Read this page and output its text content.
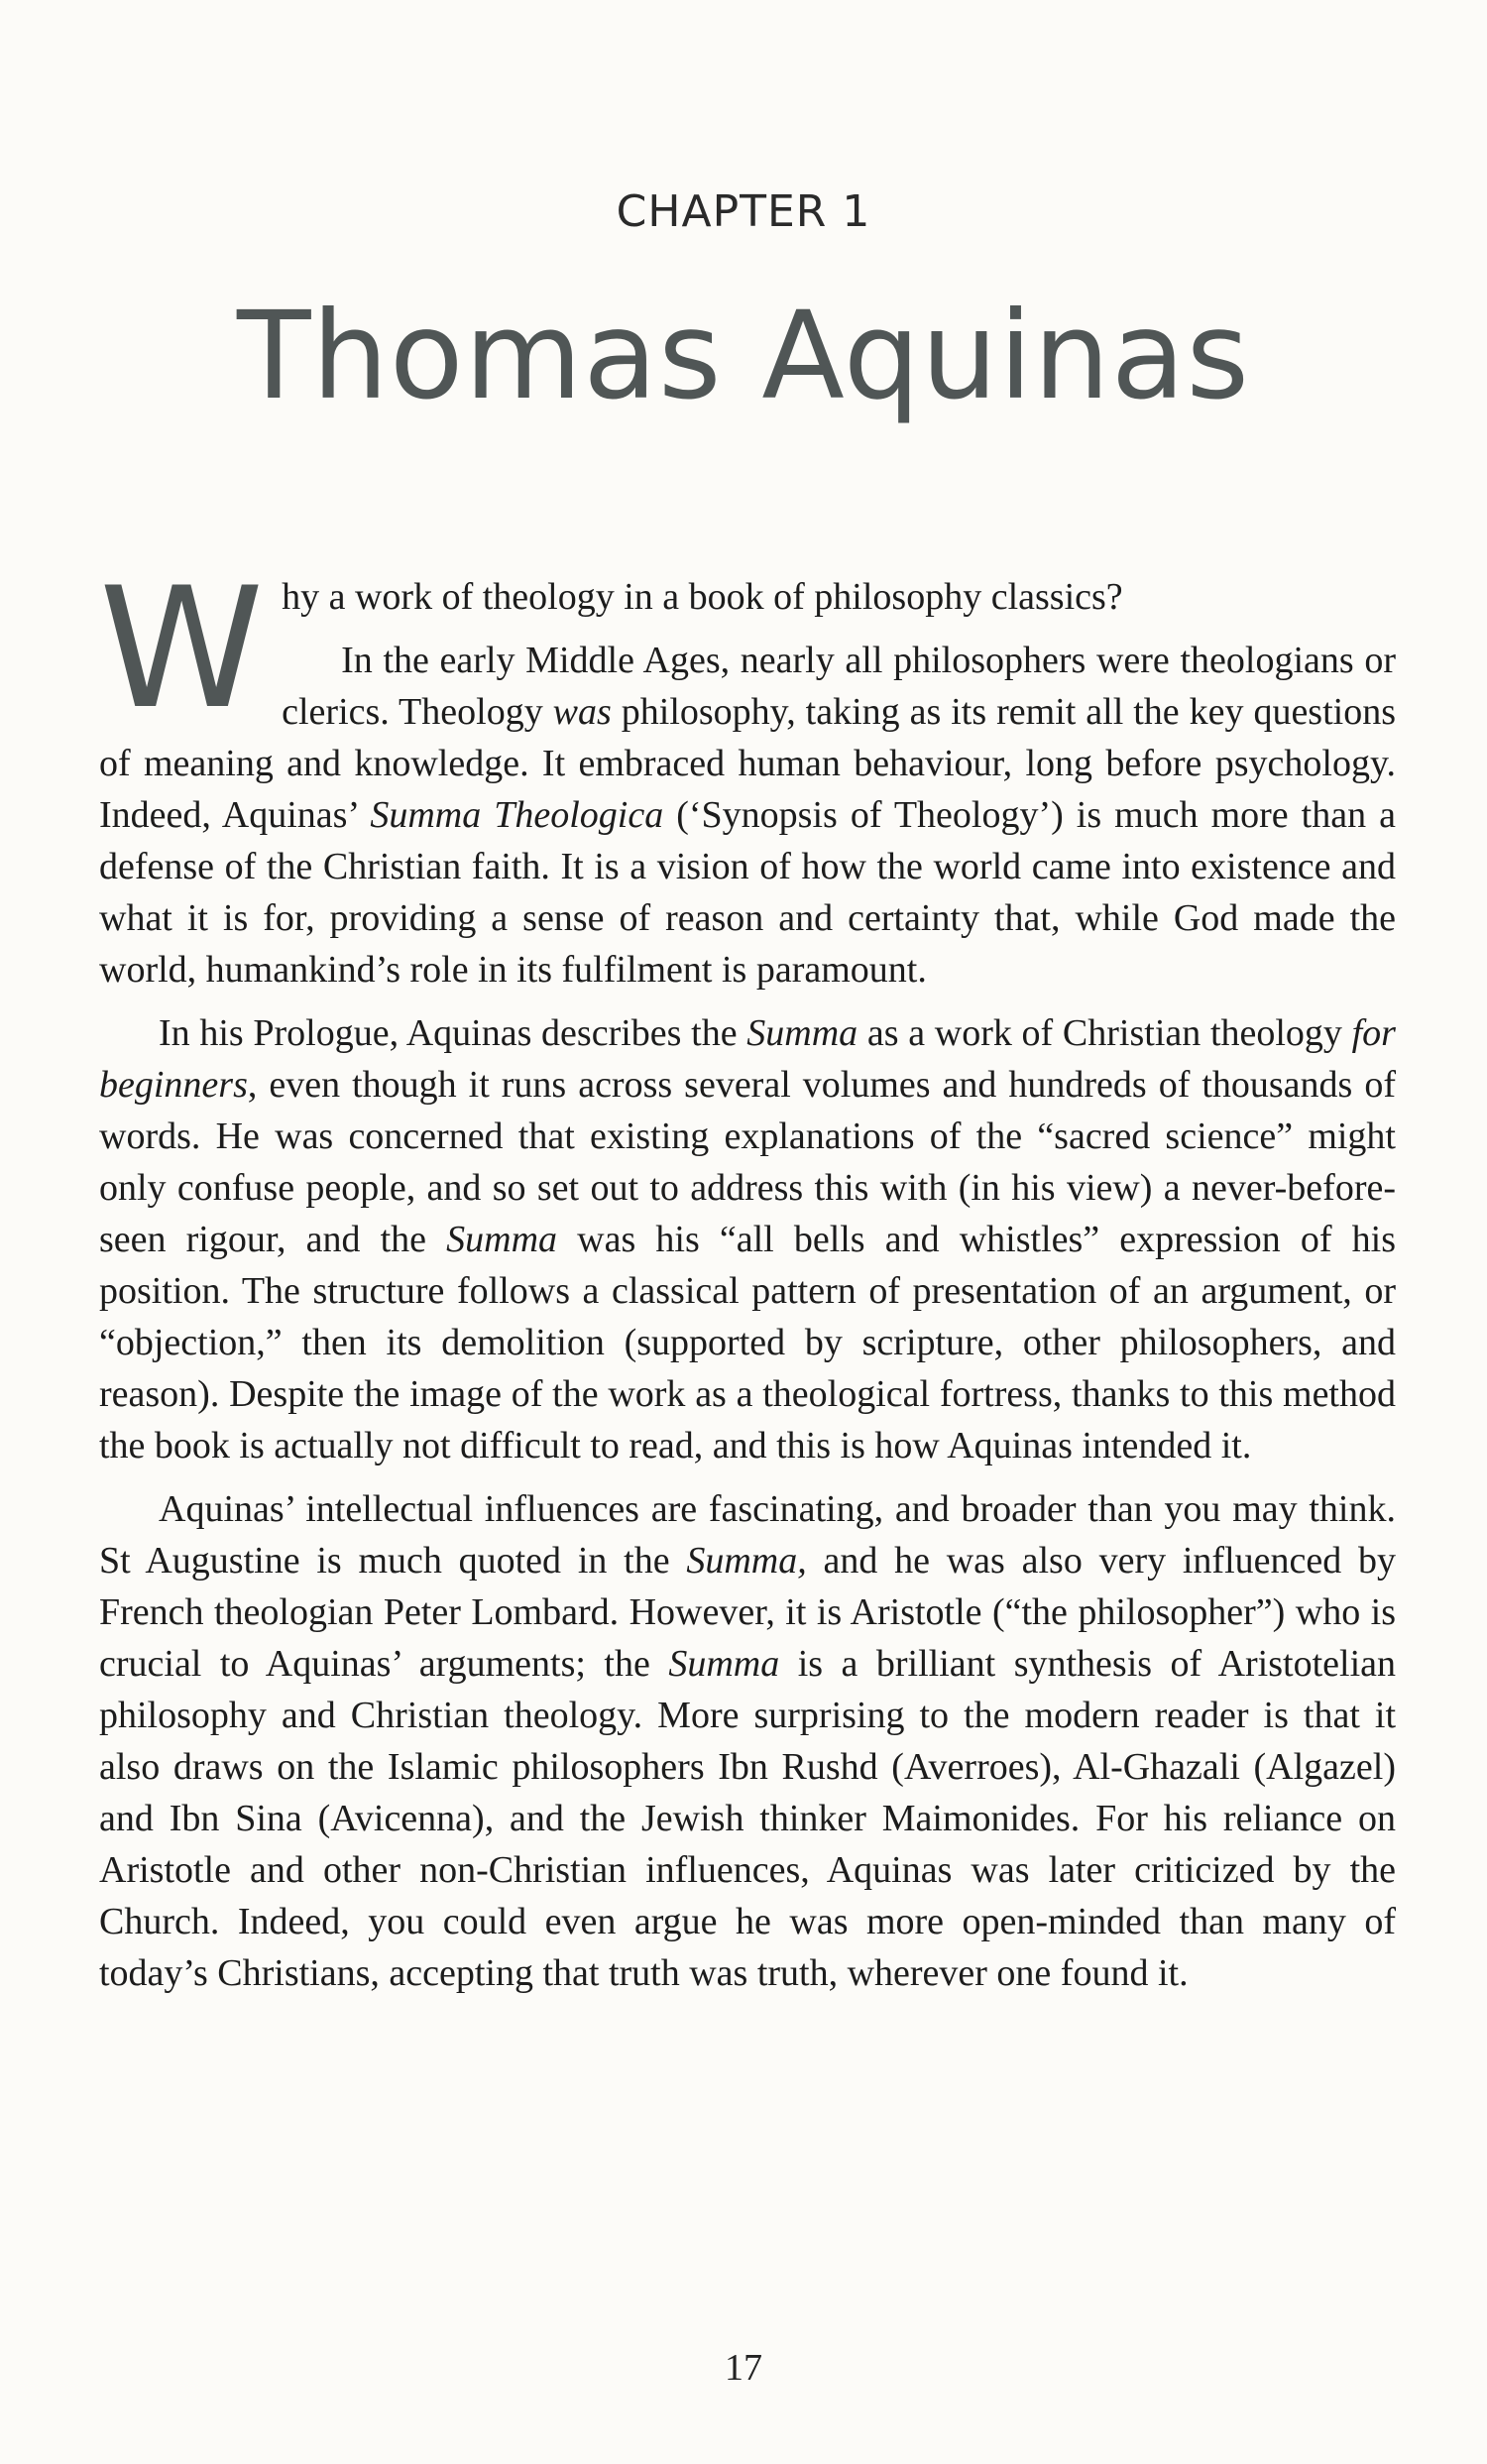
CHAPTER 1
Thomas Aquinas

W hy a work of theology in a book of philosophy classics?

In the early Middle Ages, nearly all philosophers were theologians or clerics. Theology was philosophy, taking as its remit all the key questions of meaning and knowledge. It embraced human behaviour, long before psychology. Indeed, Aquinas’ Summa Theologica (‘Synopsis of Theology’) is much more than a defense of the Christian faith. It is a vision of how the world came into existence and what it is for, providing a sense of reason and certainty that, while God made the world, humankind’s role in its fulfilment is paramount.

In his Prologue, Aquinas describes the Summa as a work of Christian theology for beginners, even though it runs across several volumes and hundreds of thousands of words. He was concerned that existing explanations of the “sacred science” might only confuse people, and so set out to address this with (in his view) a never-before-seen rigour, and the Summa was his “all bells and whistles” expression of his position. The structure follows a classical pattern of presentation of an argument, or “objection,” then its demolition (supported by scripture, other philosophers, and reason). Despite the image of the work as a theological fortress, thanks to this method the book is actually not difficult to read, and this is how Aquinas intended it.

Aquinas’ intellectual influences are fascinating, and broader than you may think. St Augustine is much quoted in the Summa, and he was also very influenced by French theologian Peter Lombard. However, it is Aristotle (“the philosopher”) who is crucial to Aquinas’ arguments; the Summa is a brilliant synthesis of Aristotelian philosophy and Christian theology. More surprising to the modern reader is that it also draws on the Islamic philosophers Ibn Rushd (Averroes), Al-Ghazali (Algazel) and Ibn Sina (Avicenna), and the Jewish thinker Maimonides. For his reliance on Aristotle and other non-Christian influences, Aquinas was later criticized by the Church. Indeed, you could even argue he was more open-minded than many of today’s Christians, accepting that truth was truth, wherever one found it.

17
